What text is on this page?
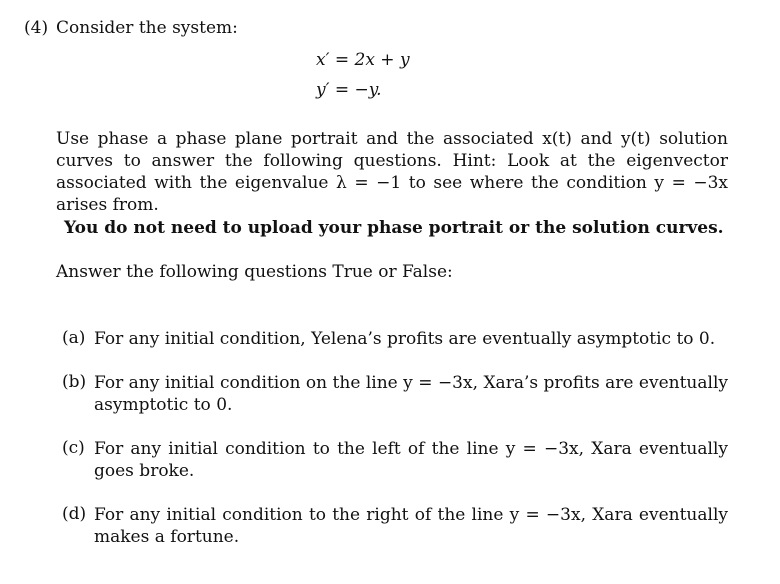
(4) Consider the system:
x′ = 2x + y
y′ = −y.
Use phase a phase plane portrait and the associated x(t) and y(t) solution curves to answer the following questions. Hint: Look at the eigenvector associated with the eigenvalue λ = −1 to see where the condition y = −3x arises from.
You do not need to upload your phase portrait or the solution curves.
Answer the following questions True or False:
(a) For any initial condition, Yelena’s profits are eventually asymptotic to 0.
(b) For any initial condition on the line y = −3x, Xara’s profits are eventually asymptotic to 0.
(c) For any initial condition to the left of the line y = −3x, Xara eventually goes broke.
(d) For any initial condition to the right of the line y = −3x, Xara eventually makes a fortune.
